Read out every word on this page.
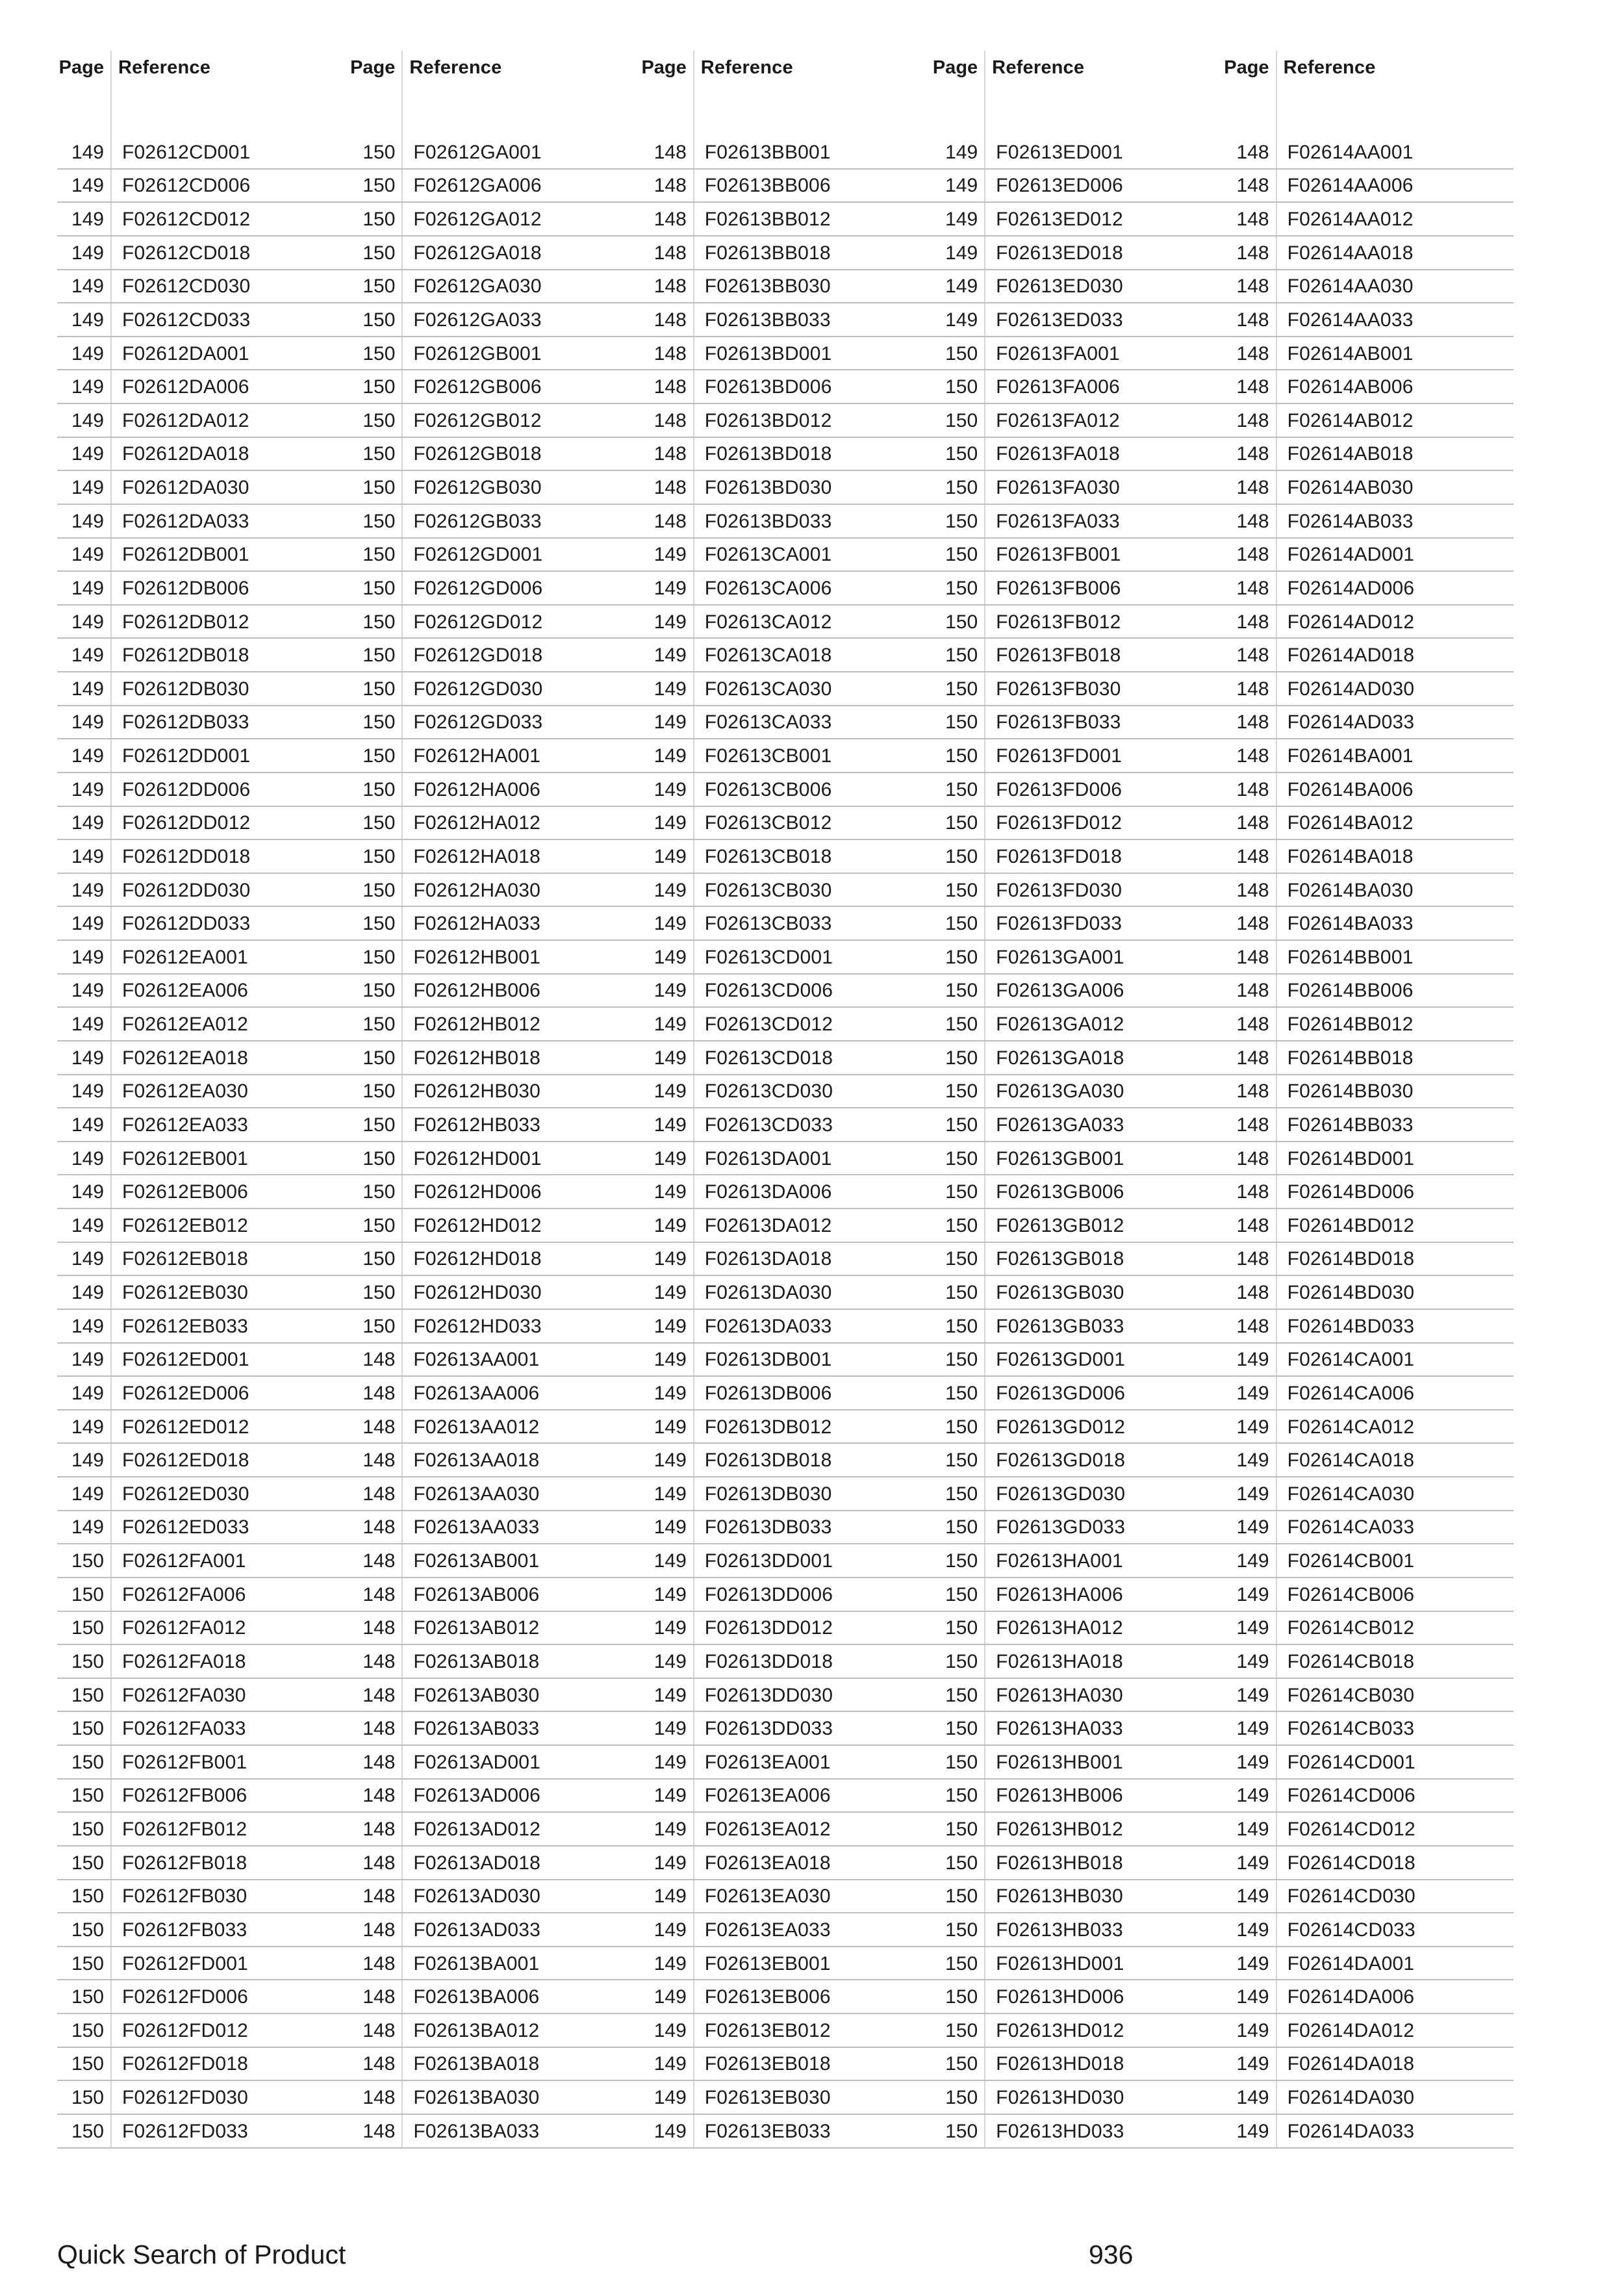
Page Reference	Page Reference	Page Reference	Page Reference	Page Reference
149 F02612CD001	150 F02612GA001	148 F02613BB001	149 F02613ED001	148 F02614AA001
149 F02612CD006	150 F02612GA006	148 F02613BB006	149 F02613ED006	148 F02614AA006
149 F02612CD012	150 F02612GA012	148 F02613BB012	149 F02613ED012	148 F02614AA012
149 F02612CD018	150 F02612GA018	148 F02613BB018	149 F02613ED018	148 F02614AA018
149 F02612CD030	150 F02612GA030	148 F02613BB030	149 F02613ED030	148 F02614AA030
149 F02612CD033	150 F02612GA033	148 F02613BB033	149 F02613ED033	148 F02614AA033
149 F02612DA001	150 F02612GB001	148 F02613BD001	150 F02613FA001	148 F02614AB001
149 F02612DA006	150 F02612GB006	148 F02613BD006	150 F02613FA006	148 F02614AB006
149 F02612DA012	150 F02612GB012	148 F02613BD012	150 F02613FA012	148 F02614AB012
149 F02612DA018	150 F02612GB018	148 F02613BD018	150 F02613FA018	148 F02614AB018
149 F02612DA030	150 F02612GB030	148 F02613BD030	150 F02613FA030	148 F02614AB030
149 F02612DA033	150 F02612GB033	148 F02613BD033	150 F02613FA033	148 F02614AB033
149 F02612DB001	150 F02612GD001	149 F02613CA001	150 F02613FB001	148 F02614AD001
149 F02612DB006	150 F02612GD006	149 F02613CA006	150 F02613FB006	148 F02614AD006
149 F02612DB012	150 F02612GD012	149 F02613CA012	150 F02613FB012	148 F02614AD012
149 F02612DB018	150 F02612GD018	149 F02613CA018	150 F02613FB018	148 F02614AD018
149 F02612DB030	150 F02612GD030	149 F02613CA030	150 F02613FB030	148 F02614AD030
149 F02612DB033	150 F02612GD033	149 F02613CA033	150 F02613FB033	148 F02614AD033
149 F02612DD001	150 F02612HA001	149 F02613CB001	150 F02613FD001	148 F02614BA001
149 F02612DD006	150 F02612HA006	149 F02613CB006	150 F02613FD006	148 F02614BA006
149 F02612DD012	150 F02612HA012	149 F02613CB012	150 F02613FD012	148 F02614BA012
149 F02612DD018	150 F02612HA018	149 F02613CB018	150 F02613FD018	148 F02614BA018
149 F02612DD030	150 F02612HA030	149 F02613CB030	150 F02613FD030	148 F02614BA030
149 F02612DD033	150 F02612HA033	149 F02613CB033	150 F02613FD033	148 F02614BA033
149 F02612EA001	150 F02612HB001	149 F02613CD001	150 F02613GA001	148 F02614BB001
149 F02612EA006	150 F02612HB006	149 F02613CD006	150 F02613GA006	148 F02614BB006
149 F02612EA012	150 F02612HB012	149 F02613CD012	150 F02613GA012	148 F02614BB012
149 F02612EA018	150 F02612HB018	149 F02613CD018	150 F02613GA018	148 F02614BB018
149 F02612EA030	150 F02612HB030	149 F02613CD030	150 F02613GA030	148 F02614BB030
149 F02612EA033	150 F02612HB033	149 F02613CD033	150 F02613GA033	148 F02614BB033
149 F02612EB001	150 F02612HD001	149 F02613DA001	150 F02613GB001	148 F02614BD001
149 F02612EB006	150 F02612HD006	149 F02613DA006	150 F02613GB006	148 F02614BD006
149 F02612EB012	150 F02612HD012	149 F02613DA012	150 F02613GB012	148 F02614BD012
149 F02612EB018	150 F02612HD018	149 F02613DA018	150 F02613GB018	148 F02614BD018
149 F02612EB030	150 F02612HD030	149 F02613DA030	150 F02613GB030	148 F02614BD030
149 F02612EB033	150 F02612HD033	149 F02613DA033	150 F02613GB033	148 F02614BD033
149 F02612ED001	148 F02613AA001	149 F02613DB001	150 F02613GD001	149 F02614CA001
149 F02612ED006	148 F02613AA006	149 F02613DB006	150 F02613GD006	149 F02614CA006
149 F02612ED012	148 F02613AA012	149 F02613DB012	150 F02613GD012	149 F02614CA012
149 F02612ED018	148 F02613AA018	149 F02613DB018	150 F02613GD018	149 F02614CA018
149 F02612ED030	148 F02613AA030	149 F02613DB030	150 F02613GD030	149 F02614CA030
149 F02612ED033	148 F02613AA033	149 F02613DB033	150 F02613GD033	149 F02614CA033
150 F02612FA001	148 F02613AB001	149 F02613DD001	150 F02613HA001	149 F02614CB001
150 F02612FA006	148 F02613AB006	149 F02613DD006	150 F02613HA006	149 F02614CB006
150 F02612FA012	148 F02613AB012	149 F02613DD012	150 F02613HA012	149 F02614CB012
150 F02612FA018	148 F02613AB018	149 F02613DD018	150 F02613HA018	149 F02614CB018
150 F02612FA030	148 F02613AB030	149 F02613DD030	150 F02613HA030	149 F02614CB030
150 F02612FA033	148 F02613AB033	149 F02613DD033	150 F02613HA033	149 F02614CB033
150 F02612FB001	148 F02613AD001	149 F02613EA001	150 F02613HB001	149 F02614CD001
150 F02612FB006	148 F02613AD006	149 F02613EA006	150 F02613HB006	149 F02614CD006
150 F02612FB012	148 F02613AD012	149 F02613EA012	150 F02613HB012	149 F02614CD012
150 F02612FB018	148 F02613AD018	149 F02613EA018	150 F02613HB018	149 F02614CD018
150 F02612FB030	148 F02613AD030	149 F02613EA030	150 F02613HB030	149 F02614CD030
150 F02612FB033	148 F02613AD033	149 F02613EA033	150 F02613HB033	149 F02614CD033
150 F02612FD001	148 F02613BA001	149 F02613EB001	150 F02613HD001	149 F02614DA001
150 F02612FD006	148 F02613BA006	149 F02613EB006	150 F02613HD006	149 F02614DA006
150 F02612FD012	148 F02613BA012	149 F02613EB012	150 F02613HD012	149 F02614DA012
150 F02612FD018	148 F02613BA018	149 F02613EB018	150 F02613HD018	149 F02614DA018
150 F02612FD030	148 F02613BA030	149 F02613EB030	150 F02613HD030	149 F02614DA030
150 F02612FD033	148 F02613BA033	149 F02613EB033	150 F02613HD033	149 F02614DA033
Quick Search of Product	936
